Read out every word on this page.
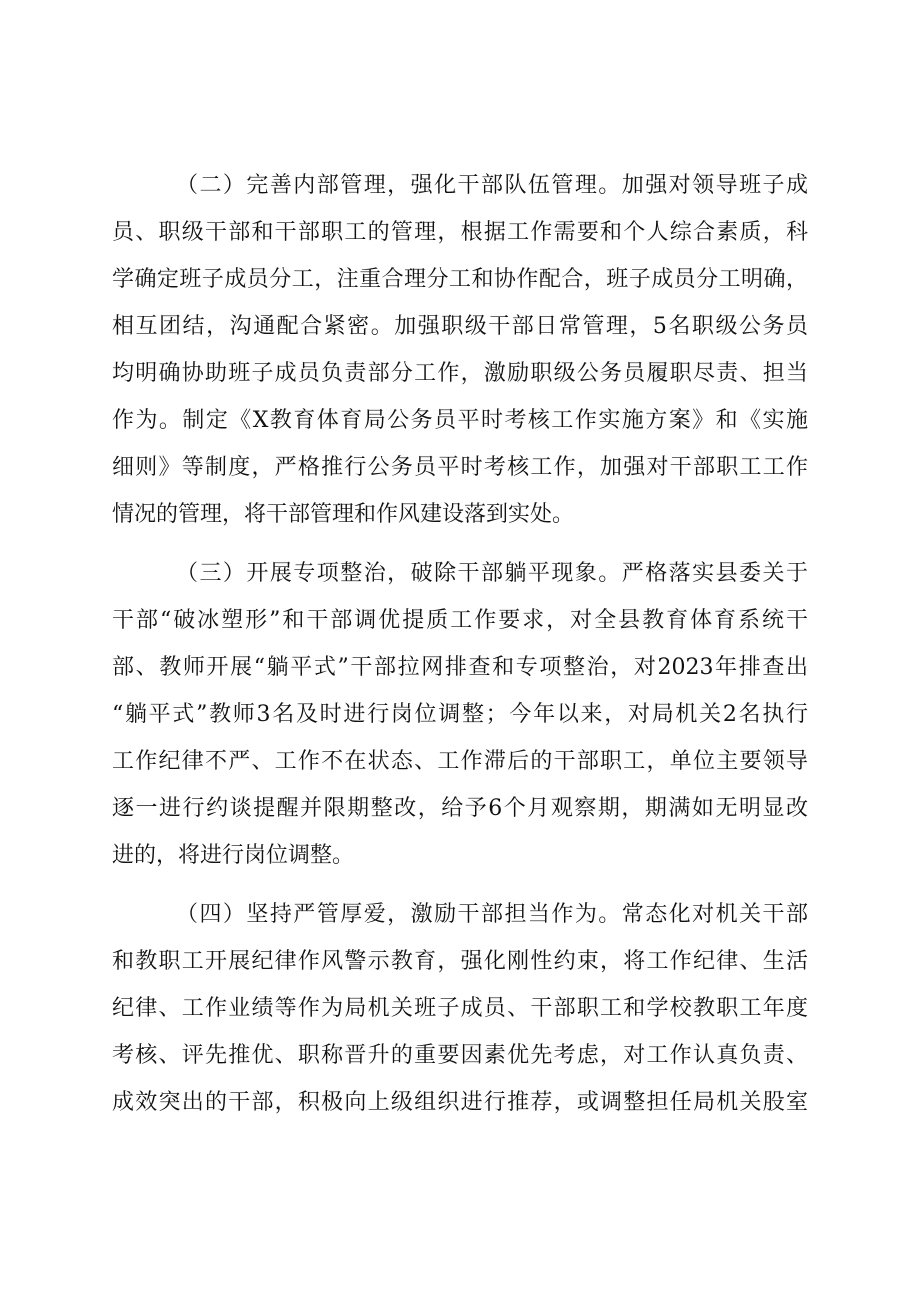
（二）完善内部管理，强化干部队伍管理。加强对领导班子成
员、职级干部和干部职工的管理，根据工作需要和个人综合素质，科
学确定班子成员分工，注重合理分工和协作配合，班子成员分工明确，
相互团结，沟通配合紧密。加强职级干部日常管理，5名职级公务员
均明确协助班子成员负责部分工作，激励职级公务员履职尽责、担当
作为。制定《X教育体育局公务员平时考核工作实施方案》和《实施
细则》等制度，严格推行公务员平时考核工作，加强对干部职工工作
情况的管理，将干部管理和作风建设落到实处。
（三）开展专项整治，破除干部躺平现象。严格落实县委关于
干部“破冰塑形”和干部调优提质工作要求，对全县教育体育系统干
部、教师开展“躺平式”干部拉网排查和专项整治，对2023年排查出
“躺平式”教师3名及时进行岗位调整；今年以来，对局机关2名执行
工作纪律不严、工作不在状态、工作滞后的干部职工，单位主要领导
逐一进行约谈提醒并限期整改，给予6个月观察期，期满如无明显改
进的，将进行岗位调整。
（四）坚持严管厚爱，激励干部担当作为。常态化对机关干部
和教职工开展纪律作风警示教育，强化刚性约束，将工作纪律、生活
纪律、工作业绩等作为局机关班子成员、干部职工和学校教职工年度
考核、评先推优、职称晋升的重要因素优先考虑，对工作认真负责、
成效突出的干部，积极向上级组织进行推荐，或调整担任局机关股室
